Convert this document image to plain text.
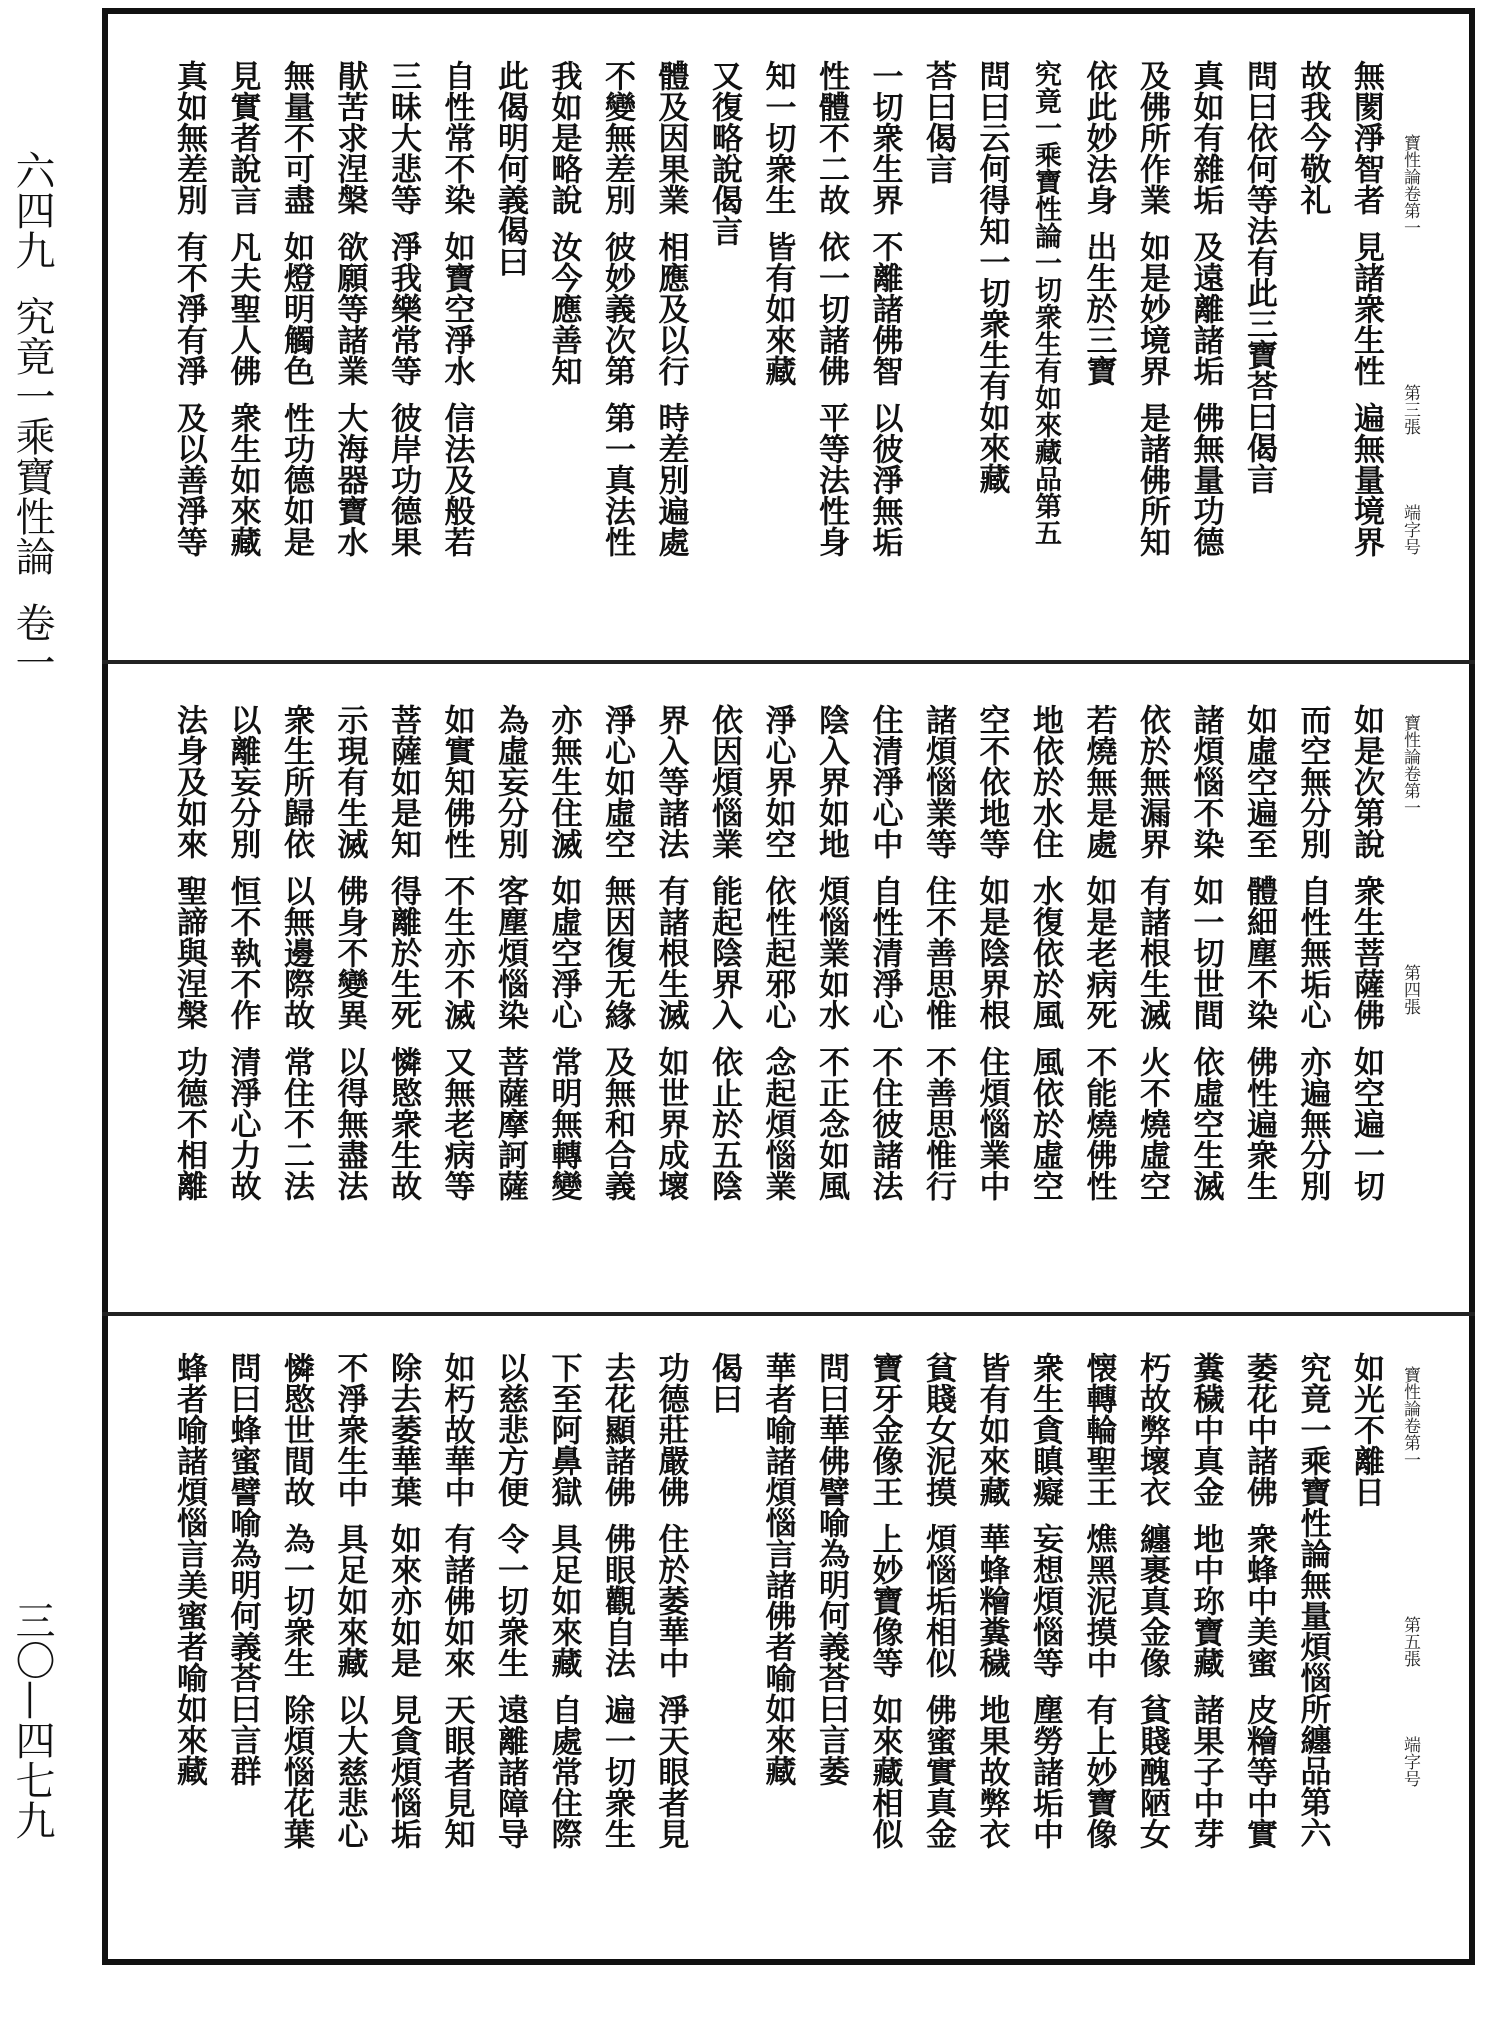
六四九究竟一乘寶性論卷一
三〇—四七九
寶性論卷第一
第三張
端字号
無閡淨智者見諸衆生性遍無量境界
故我今敬礼
問曰依何等法有此三寶荅曰偈言
真如有雜垢及遠離諸垢佛無量功德
及佛所作業如是妙境界是諸佛所知
依此妙法身出生於三寶
究竟一乘寶性論一切衆生有如來藏品第五
問曰云何得知一切衆生有如來藏
荅曰偈言
一切衆生界不離諸佛智以彼淨無垢
性體不二故依一切諸佛平等法性身
知一切衆生皆有如來藏
又復略說偈言
體及因果業相應及以行時差別遍處
不變無差別彼妙義次第第一真法性
我如是略說汝今應善知
此偈明何義偈曰
自性常不染如寶空淨水信法及般若
三昧大悲等淨我樂常等彼岸功德果
猒苦求涅槃欲願等諸業大海器寶水
無量不可盡如燈明觸色性功德如是
見實者說言凡夫聖人佛衆生如來藏
真如無差別有不淨有淨及以善淨等
寶性論卷第一
第四張
如是次第說衆生菩薩佛如空遍一切
而空無分別自性無垢心亦遍無分別
如虛空遍至體細塵不染佛性遍衆生
諸煩惱不染如一切世間依虛空生滅
依於無漏界有諸根生滅火不燒虛空
若燒無是處如是老病死不能燒佛性
地依於水住水復依於風風依於虛空
空不依地等如是陰界根住煩惱業中
諸煩惱業等住不善思惟不善思惟行
住清淨心中自性清淨心不住彼諸法
陰入界如地煩惱業如水不正念如風
淨心界如空依性起邪心念起煩惱業
依因煩惱業能起陰界入依止於五陰
界入等諸法有諸根生滅如世界成壞
淨心如虛空無因復无緣及無和合義
亦無生住滅如虛空淨心常明無轉變
為虛妄分別客塵煩惱染菩薩摩訶薩
如實知佛性不生亦不滅又無老病等
菩薩如是知得離於生死憐愍衆生故
示現有生滅佛身不變異以得無盡法
衆生所歸依以無邊際故常住不二法
以離妄分別恒不執不作清淨心力故
法身及如來聖諦與涅槃功德不相離
寶性論卷第一
第五張
端字号
如光不離日
究竟一乘寶性論無量煩惱所纏品第六
萎花中諸佛衆蜂中美蜜皮糩等中實
糞穢中真金地中珎寶藏諸果子中芽
朽故弊壞衣纏裹真金像貧賤醜陋女
懐轉輪聖王燋黑泥摸中有上妙寶像
衆生貪瞋癡妄想煩惱等塵勞諸垢中
皆有如來藏華蜂糩糞穢地果故弊衣
貧賤女泥摸煩惱垢相似佛蜜實真金
寶牙金像王上妙寶像等如來藏相似
問曰華佛譬喻為明何義荅曰言萎
華者喻諸煩惱言諸佛者喻如來藏
偈曰
功德莊嚴佛住於萎華中淨天眼者見
去花顯諸佛佛眼觀自法遍一切衆生
下至阿鼻獄具足如來藏自處常住際
以慈悲方便令一切衆生遠離諸障导
如朽故華中有諸佛如來天眼者見知
除去萎華葉如來亦如是見貪煩惱垢
不淨衆生中具足如來藏以大慈悲心
憐愍世間故為一切衆生除煩惱花葉
問曰蜂蜜譬喻為明何義荅曰言群
蜂者喻諸煩惱言美蜜者喻如來藏
